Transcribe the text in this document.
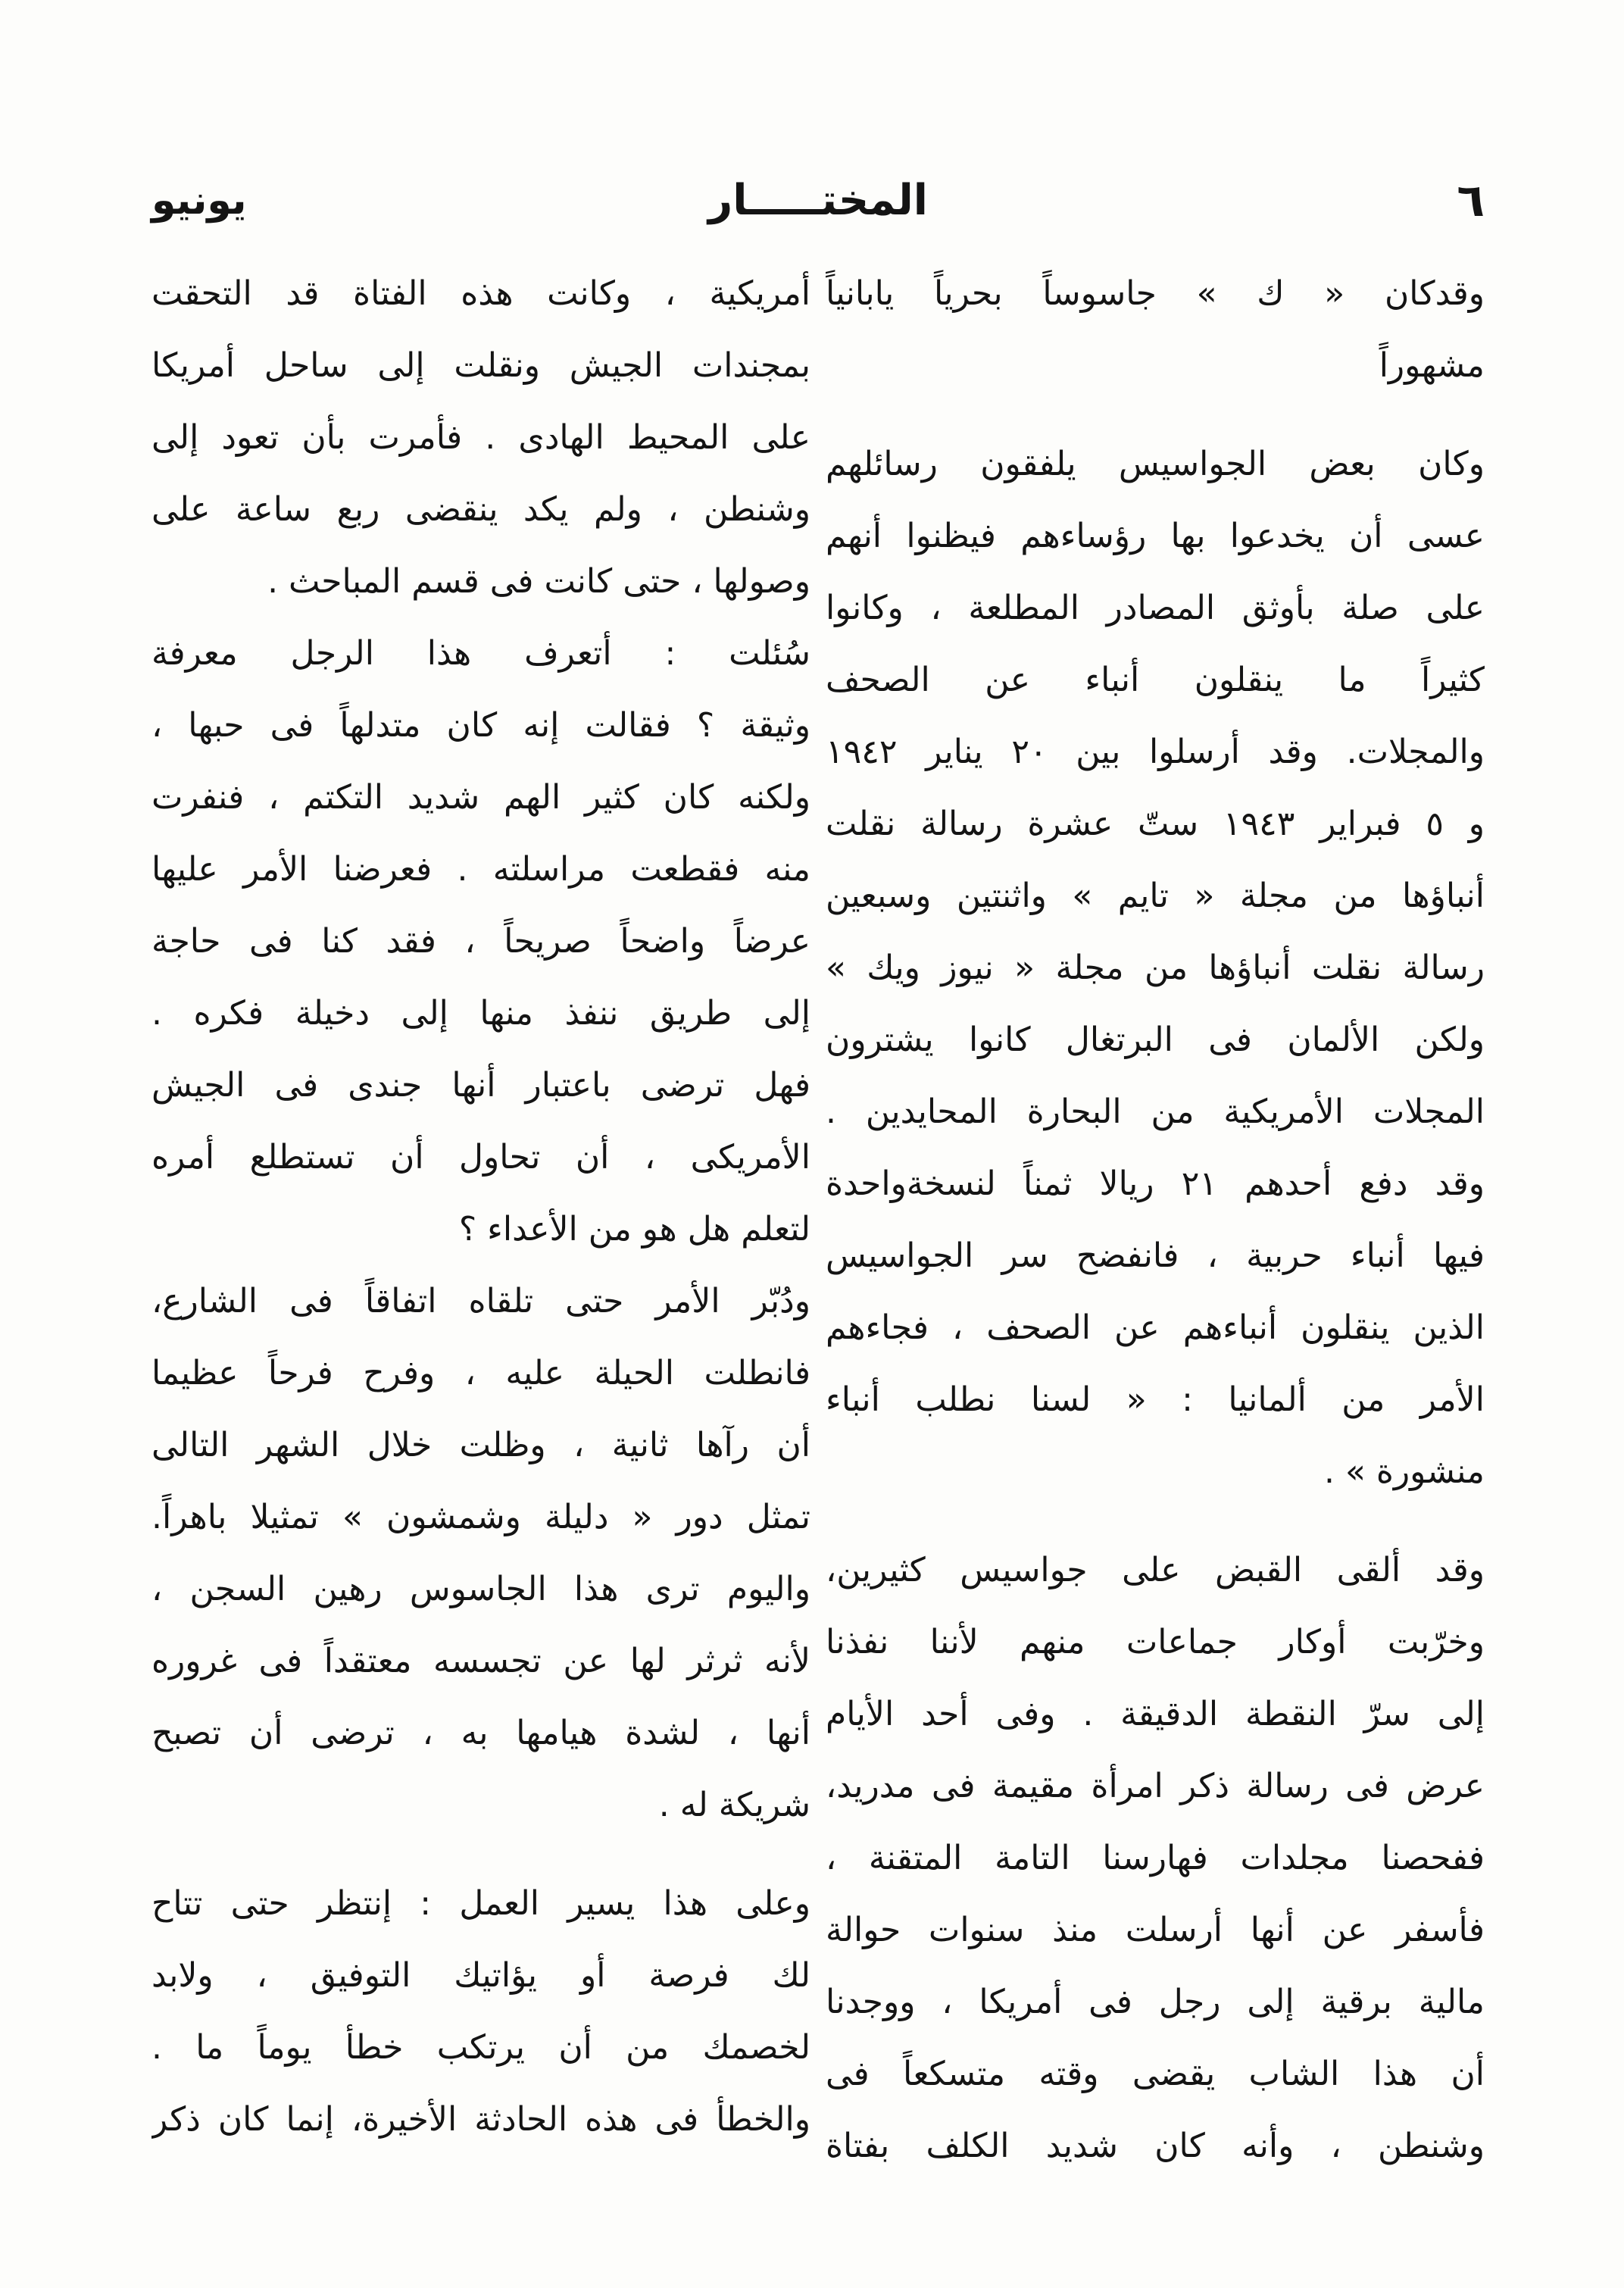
يونيو	المختـــــار	٦
وقدكان « ك » جاسوساً بحرياً يابانياً
مشهوراً
وكان بعض الجواسيس يلفقون رسائلهم
عسى أن يخدعوا بها رؤساءهم فيظنوا أنهم
على صلة بأوثق المصادر المطلعة ، وكانوا
كثيراً ما ينقلون أنباء عن الصحف
والمجلات. وقد أرسلوا بين ٢٠ يناير ١٩٤٢
و ٥ فبراير ١٩٤٣ ستّ عشرة رسالة نقلت
أنباؤها من مجلة « تايم » واثنتين وسبعين
رسالة نقلت أنباؤها من مجلة « نيوز ويك »
ولكن الألمان فى البرتغال كانوا يشترون
المجلات الأمريكية من البحارة المحايدين .
وقد دفع أحدهم ٢١ ريالا ثمناً لنسخةواحدة
فيها أنباء حربية ، فانفضح سر الجواسيس
الذين ينقلون أنباءهم عن الصحف ، فجاءهم
الأمر من ألمانيا : « لسنا نطلب أنباء
منشورة » .
وقد ألقى القبض على جواسيس كثيرين،
وخرّبت أوكار جماعات منهم لأننا نفذنا
إلى سرّ النقطة الدقيقة . وفى أحد الأيام
عرض فى رسالة ذكر امرأة مقيمة فى مدريد،
ففحصنا مجلدات فهارسنا التامة المتقنة ،
فأسفر عن أنها أرسلت منذ سنوات حوالة
مالية برقية إلى رجل فى أمريكا ، ووجدنا
أن هذا الشاب يقضى وقته متسكعاً فى
وشنطن ، وأنه كان شديد الكلف بفتاة
أمريكية ، وكانت هذه الفتاة قد التحقت
بمجندات الجيش ونقلت إلى ساحل أمريكا
على المحيط الهادى . فأمرت بأن تعود إلى
وشنطن ، ولم يكد ينقضى ربع ساعة على
وصولها ، حتى كانت فى قسم المباحث .
سُئلت : أتعرف هذا الرجل معرفة
وثيقة ؟ فقالت إنه كان متدلهاً فى حبها ،
ولكنه كان كثير الهم شديد التكتم ، فنفرت
منه فقطعت مراسلته . فعرضنا الأمر عليها
عرضاً واضحاً صريحاً ، فقد كنا فى حاجة
إلى طريق ننفذ منها إلى دخيلة فكره .
فهل ترضى باعتبار أنها جندى فى الجيش
الأمريكى ، أن تحاول أن تستطلع أمره
لتعلم هل هو من الأعداء ؟
ودُبّر الأمر حتى تلقاه اتفاقاً فى الشارع،
فانطلت الحيلة عليه ، وفرح فرحاً عظيما
أن رآها ثانية ، وظلت خلال الشهر التالى
تمثل دور « دليلة وشمشون » تمثيلا باهراً.
واليوم ترى هذا الجاسوس رهين السجن ،
لأنه ثرثر لها عن تجسسه معتقداً فى غروره
أنها ، لشدة هيامها به ، ترضى أن تصبح
شريكة له .
وعلى هذا يسير العمل : إنتظر حتى تتاح
لك فرصة أو يؤاتيك التوفيق ، ولابد
لخصمك من أن يرتكب خطأ يوماً ما .
والخطأ فى هذه الحادثة الأخيرة، إنما كان ذكر
